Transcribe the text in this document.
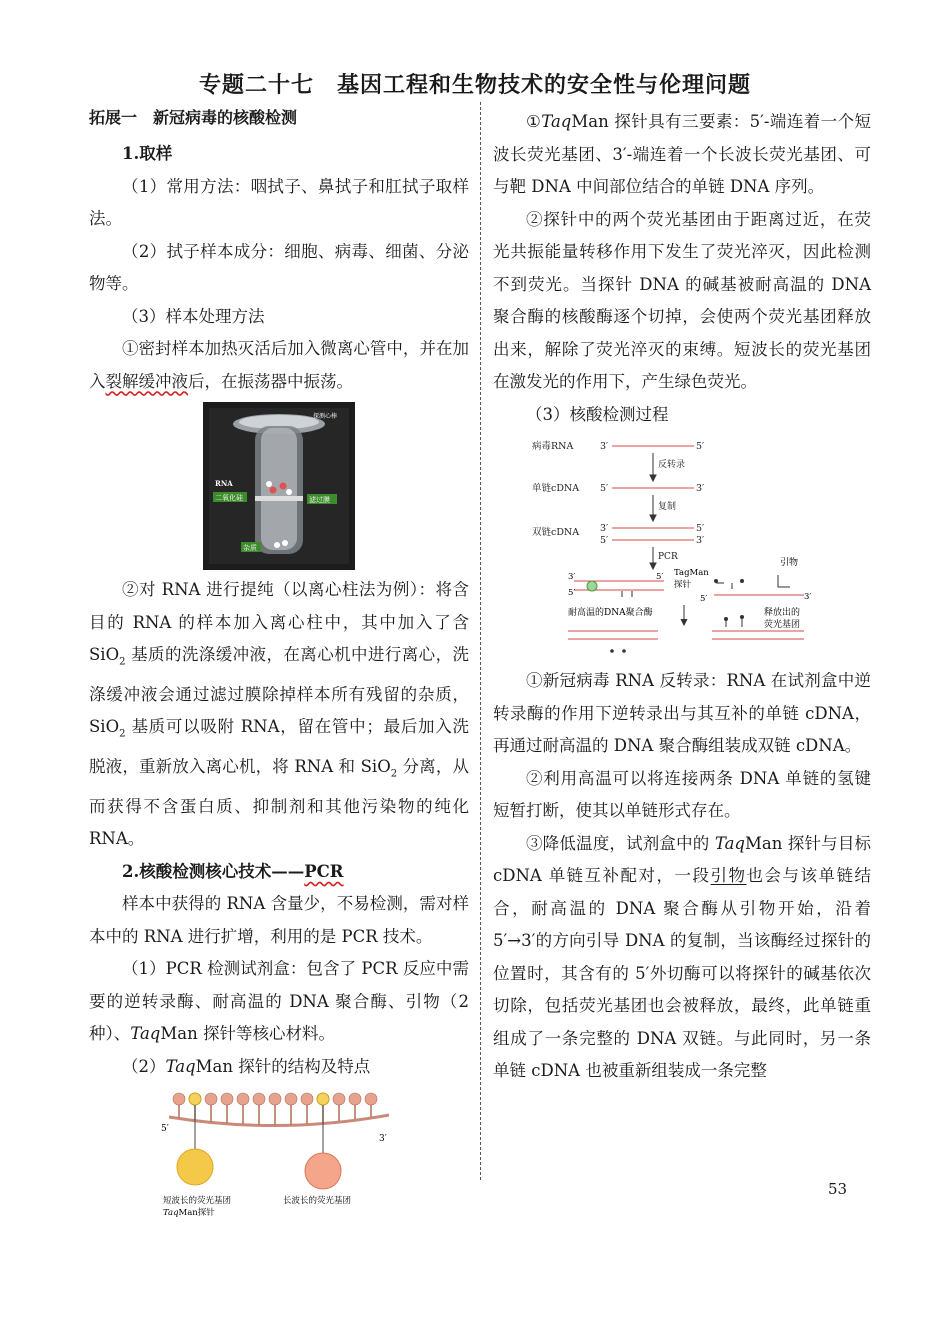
专题二十七　基因工程和生物技术的安全性与伦理问题
拓展一　新冠病毒的核酸检测

1.取样

（1）常用方法：咽拭子、鼻拭子和肛拭子取样法。

（2）拭子样本成分：细胞、病毒、细菌、分泌物等。

（3）样本处理方法

①密封样本加热灭活后加入微离心管中，并在加入裂解缓冲液后，在振荡器中振荡。

探测心棒
RNA
二氧化硅	滤过膜
杂质

②对 RNA 进行提纯（以离心柱法为例）：将含目的 RNA 的样本加入离心柱中，其中加入了含 SiO$_2$ 基质的洗涤缓冲液，在离心机中进行离心，洗涤缓冲液会通过滤过膜除掉样本所有残留的杂质，SiO$_2$ 基质可以吸附 RNA，留在管中；最后加入洗脱液，重新放入离心机，将 RNA 和 SiO$_2$ 分离，从而获得不含蛋白质、抑制剂和其他污染物的纯化 RNA。

2.核酸检测核心技术——PCR

样本中获得的 RNA 含量少，不易检测，需对样本中的 RNA 进行扩增，利用的是 PCR 技术。

（1）PCR 检测试剂盒：包含了 PCR 反应中需要的逆转录酶、耐高温的 DNA 聚合酶、引物（2 种）、TaqMan 探针等核心材料。

（2）TaqMan 探针的结构及特点

5′
3′
短波长的荧光基团	长波长的荧光基团
TaqMan探针

①TaqMan 探针具有三要素：5′-端连着一个短波长荧光基团、3′-端连着一个长波长荧光基团、可与靶 DNA 中间部位结合的单链 DNA 序列。

②探针中的两个荧光基团由于距离过近，在荧光共振能量转移作用下发生了荧光淬灭，因此检测不到荧光。当探针 DNA 的碱基被耐高温的 DNA 聚合酶的核酸酶逐个切掉，会使两个荧光基团释放出来，解除了荧光淬灭的束缚。短波长的荧光基团在激发光的作用下，产生绿色荧光。

（3）核酸检测过程

病毒RNA	3′	5′
单链cDNA 5′	3′
双链cDNA 3′	5′
5′	3′
反转录
复制
PCR
3′
5′
5′ TagMan
探针
3′
5′
引物
耐高温的DNA聚合酶	释放出的
荧光基团

①新冠病毒 RNA 反转录：RNA 在试剂盒中逆转录酶的作用下逆转录出与其互补的单链 cDNA，再通过耐高温的 DNA 聚合酶组装成双链 cDNA。

②利用高温可以将连接两条 DNA 单链的氢键短暂打断，使其以单链形式存在。

③降低温度，试剂盒中的 TaqMan 探针与目标 cDNA 单链互补配对，一段引物也会与该单链结合，耐高温的 DNA 聚合酶从引物开始，沿着 5′→3′的方向引导 DNA 的复制，当该酶经过探针的位置时，其含有的 5′外切酶可以将探针的碱基依次切除，包括荧光基团也会被释放，最终，此单链重组成了一条完整的 DNA 双链。与此同时，另一条单链 cDNA 也被重新组装成一条完整

53
